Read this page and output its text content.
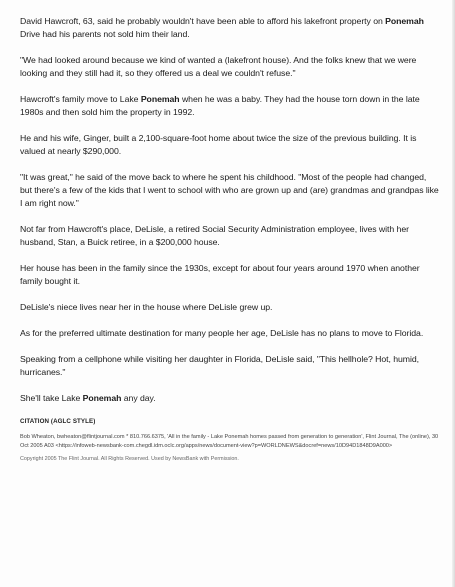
David Hawcroft, 63, said he probably wouldn't have been able to afford his lakefront property on Ponemah Drive had his parents not sold him their land.

"We had looked around because we kind of wanted a (lakefront house). And the folks knew that we were looking and they still had it, so they offered us a deal we couldn't refuse."

Hawcroft's family move to Lake Ponemah when he was a baby. They had the house torn down in the late 1980s and then sold him the property in 1992.

He and his wife, Ginger, built a 2,100-square-foot home about twice the size of the previous building. It is valued at nearly $290,000.

"It was great," he said of the move back to where he spent his childhood. "Most of the people had changed, but there's a few of the kids that I went to school with who are grown up and (are) grandmas and grandpas like I am right now."

Not far from Hawcroft's place, DeLisle, a retired Social Security Administration employee, lives with her husband, Stan, a Buick retiree, in a $200,000 house.

Her house has been in the family since the 1930s, except for about four years around 1970 when another family bought it.

DeLisle's niece lives near her in the house where DeLisle grew up.

As for the preferred ultimate destination for many people her age, DeLisle has no plans to move to Florida.

Speaking from a cellphone while visiting her daughter in Florida, DeLisle said, "This hellhole? Hot, humid, hurricanes."

She'll take Lake Ponemah any day.

CITATION (AGLC STYLE)

Bob Wheaton, bwheaton@flintjournal.com * 810.766.6375, 'All in the family - Lake Ponemah homes passed from generation to generation', Flint Journal, The (online), 30 Oct 2005 A03 <https://infoweb-newsbank-com.chegdl.idm.oclc.org/apps/news/document-view?p=WORLDNEWS&docref=news/10D94D1848D9A000>

Copyright 2005 The Flint Journal. All Rights Reserved. Used by NewsBank with Permission.
